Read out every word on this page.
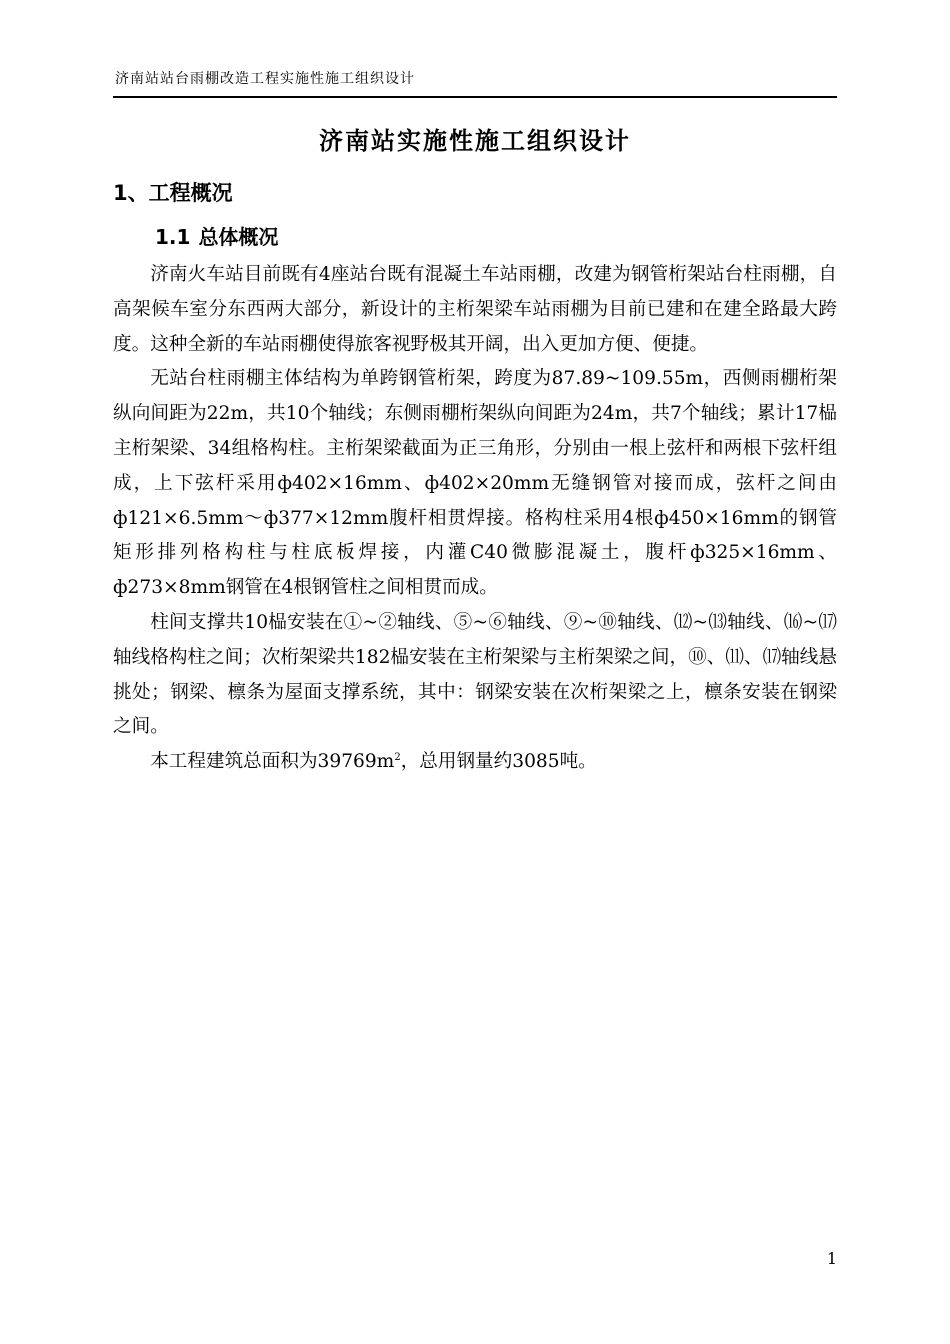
济南站站台雨棚改造工程实施性施工组织设计
济南站实施性施工组织设计
1、工程概况
1.1 总体概况

济南火车站目前既有4座站台既有混凝土车站雨棚，改建为钢管桁架站台柱雨棚，自高架候车室分东西两大部分，新设计的主桁架梁车站雨棚为目前已建和在建全路最大跨度。这种全新的车站雨棚使得旅客视野极其开阔，出入更加方便、便捷。

无站台柱雨棚主体结构为单跨钢管桁架，跨度为87.89~109.55m，西侧雨棚桁架纵向间距为22m，共10个轴线；东侧雨棚桁架纵向间距为24m，共7个轴线；累计17榀主桁架梁、34组格构柱。主桁架梁截面为正三角形，分别由一根上弦杆和两根下弦杆组成，上下弦杆采用ф402×16mm、ф402×20mm无缝钢管对接而成，弦杆之间由ф121×6.5mm～ф377×12mm腹杆相贯焊接。格构柱采用4根ф450×16mm的钢管矩形排列格构柱与柱底板焊接，内灌C40微膨混凝土，腹杆ф325×16mm、ф273×8mm钢管在4根钢管柱之间相贯而成。

柱间支撑共10榀安装在①~②轴线、⑤~⑥轴线、⑨~⑩轴线、⑿~⒀轴线、⒃~⒄轴线格构柱之间；次桁架梁共182榀安装在主桁架梁与主桁架梁之间，⑩、⑾、⒄轴线悬挑处；钢梁、檩条为屋面支撑系统，其中：钢梁安装在次桁架梁之上，檩条安装在钢梁之间。

本工程建筑总面积为$39769m^2$，总用钢量约3085吨。

1
